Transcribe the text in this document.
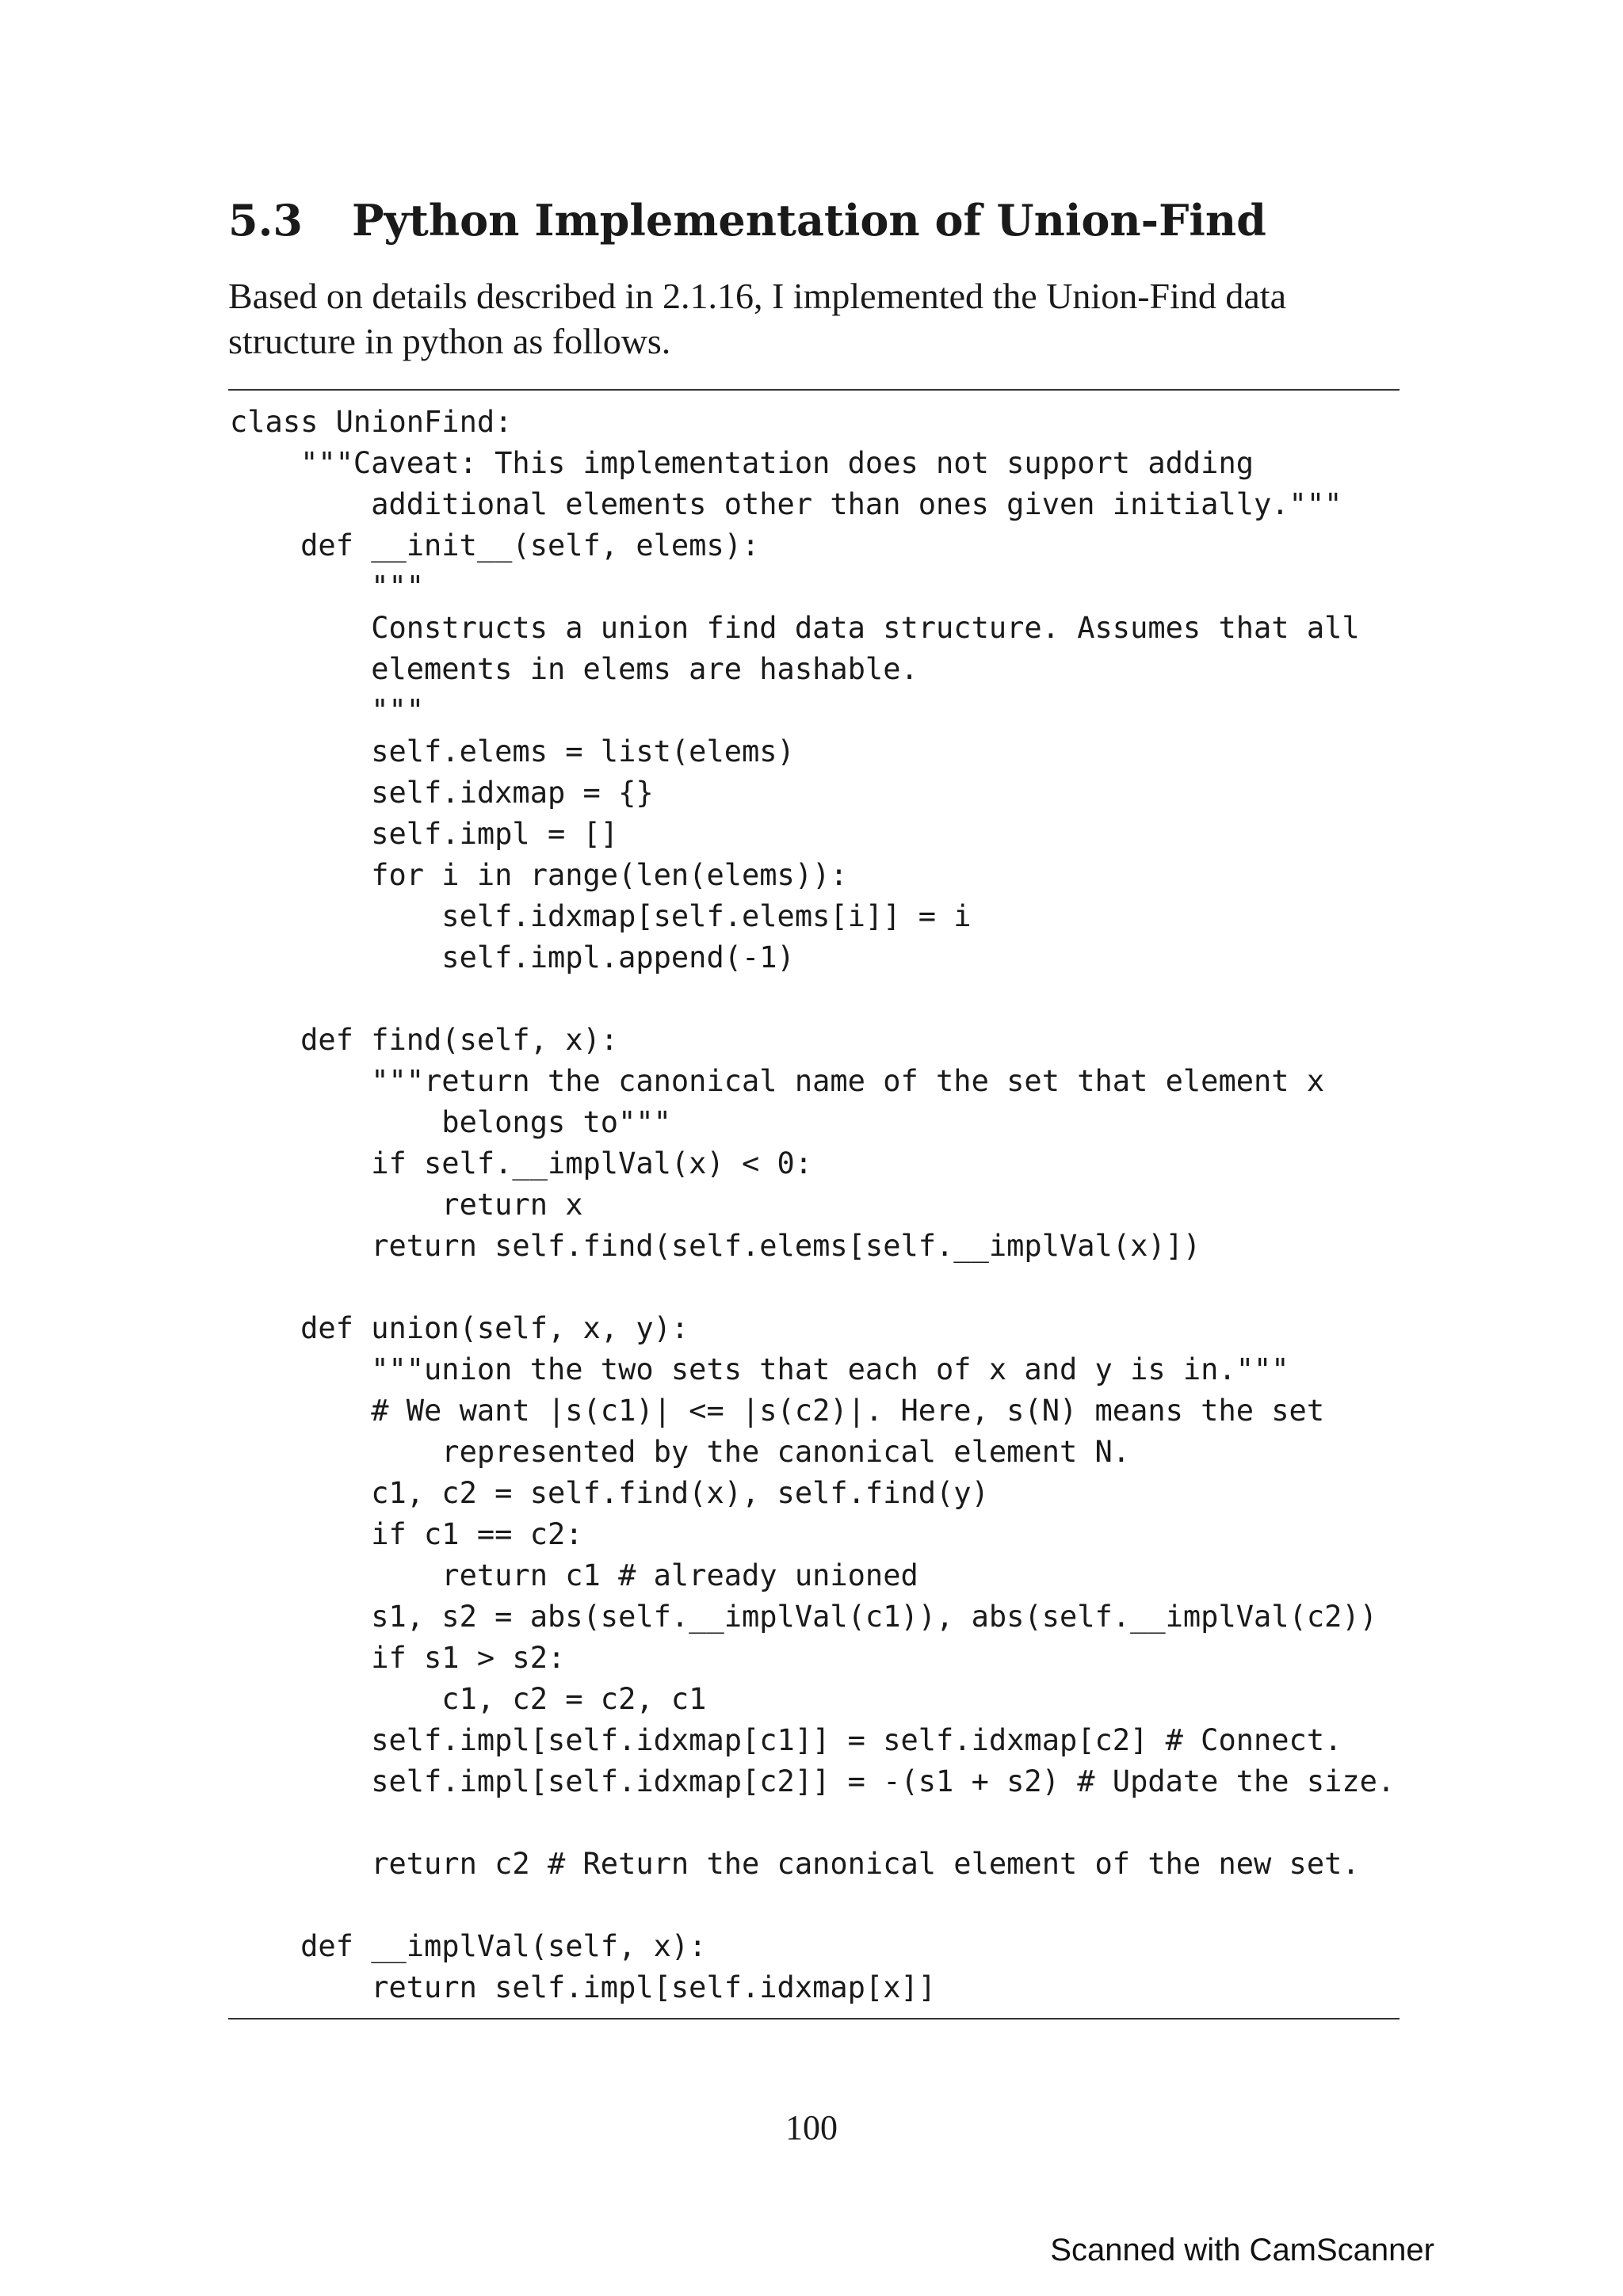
5.3 Python Implementation of Union-Find

Based on details described in 2.1.16, I implemented the Union-Find data structure in python as follows.

class UnionFind:
"""Caveat: This implementation does not support adding
additional elements other than ones given initially."""
def __init__(self, elems):
"""
Constructs a union find data structure. Assumes that all
elements in elems are hashable.
"""
self.elems = list(elems)
self.idxmap = {}
self.impl = []
for i in range(len(elems)):
self.idxmap[self.elems[i]] = i
self.impl.append(-1)
def find(self, x):
"""return the canonical name of the set that element x
belongs to"""
if self.__implVal(x) < 0:
return x
return self.find(self.elems[self.__implVal(x)])
def union(self, x, y):
"""union the two sets that each of x and y is in."""
# We want |s(c1)| <= |s(c2)|. Here, s(N) means the set
represented by the canonical element N.
c1, c2 = self.find(x), self.find(y)
if c1 == c2:
return c1 # already unioned
s1, s2 = abs(self.__implVal(c1)), abs(self.__implVal(c2))
if s1 > s2:
c1, c2 = c2, c1
self.impl[self.idxmap[c1]] = self.idxmap[c2] # Connect.
self.impl[self.idxmap[c2]] = -(s1 + s2) # Update the size.
return c2 # Return the canonical element of the new set.
def __implVal(self, x):
return self.impl[self.idxmap[x]]
100
Scanned with CamScanner
